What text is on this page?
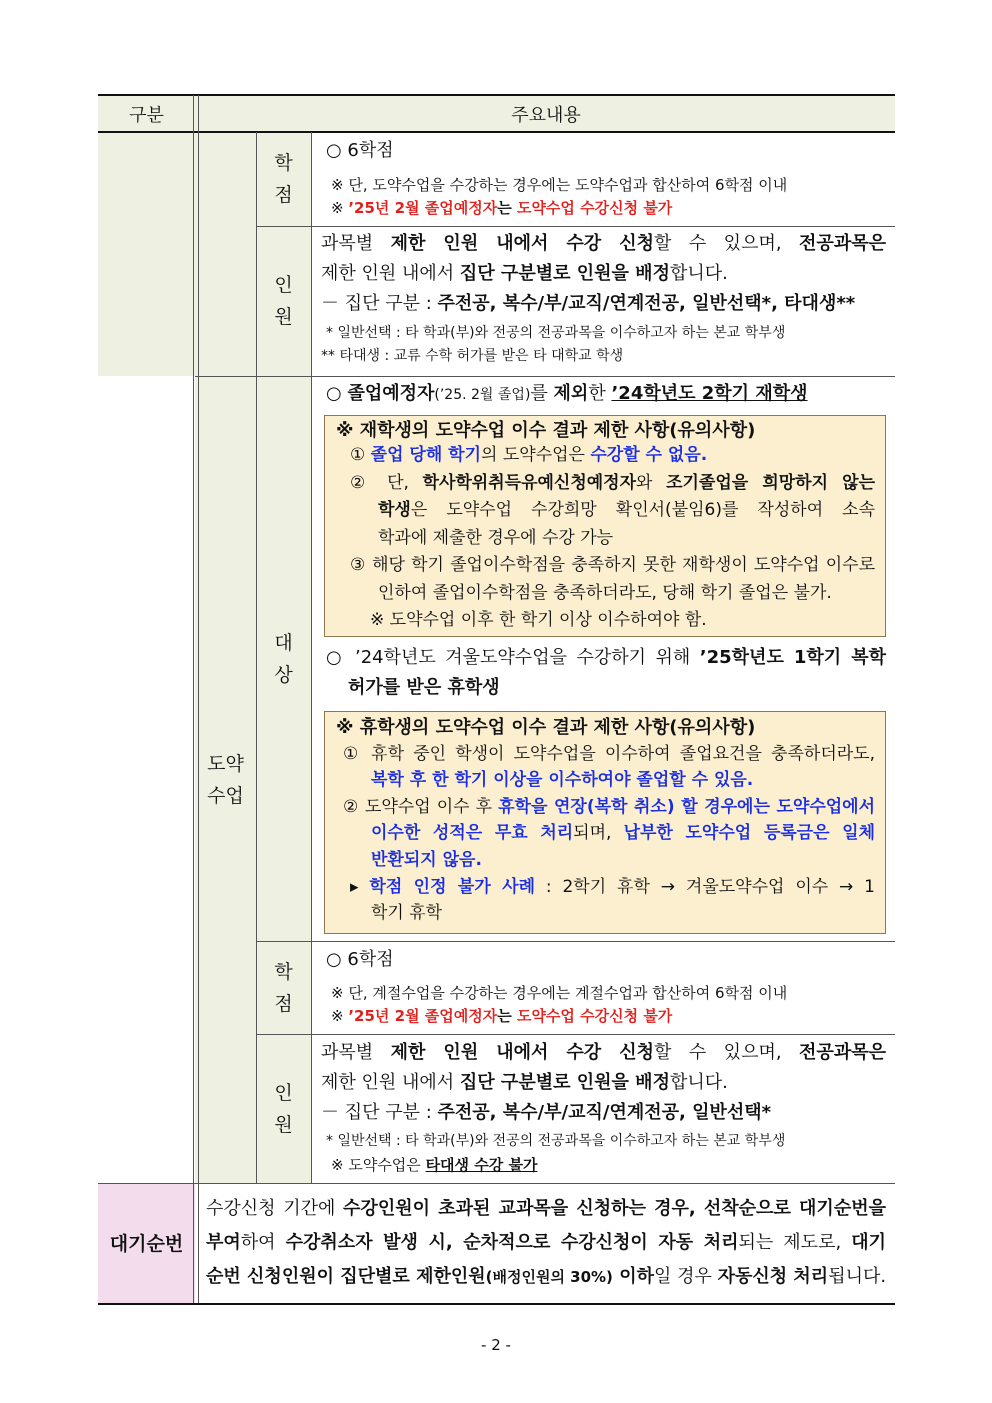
구분	주요내용
학
점
○ 6학점
※ 단, 도약수업을 수강하는 경우에는 도약수업과 합산하여 6학점 이내
※ ’25년 2월 졸업예정자는 도약수업 수강신청 불가
인
원
과목별 제한 인원 내에서 수강 신청할 수 있으며, 전공과목은
제한 인원 내에서 집단 구분별로 인원을 배정합니다.
－ 집단 구분 : 주전공, 복수/부/교직/연계전공, 일반선택*, 타대생**
* 일반선택 : 타 학과(부)와 전공의 전공과목을 이수하고자 하는 본교 학부생
** 타대생 : 교류 수학 허가를 받은 타 대학교 학생
도약
수업
대
상
○ 졸업예정자(’25. 2월 졸업)를 제외한 ’24학년도 2학기 재학생
※ 재학생의 도약수업 이수 결과 제한 사항(유의사항)
① 졸업 당해 학기의 도약수업은 수강할 수 없음.
② 단, 학사학위취득유예신청예정자와 조기졸업을 희망하지 않는
학생은 도약수업 수강희망 확인서(붙임6)를 작성하여 소속
학과에 제출한 경우에 수강 가능
③ 해당 학기 졸업이수학점을 충족하지 못한 재학생이 도약수업 이수로
인하여 졸업이수학점을 충족하더라도, 당해 학기 졸업은 불가.
※ 도약수업 이후 한 학기 이상 이수하여야 함.
○ ’24학년도 겨울도약수업을 수강하기 위해 ’25학년도 1학기 복학
허가를 받은 휴학생
※ 휴학생의 도약수업 이수 결과 제한 사항(유의사항)
① 휴학 중인 학생이 도약수업을 이수하여 졸업요건을 충족하더라도,
복학 후 한 학기 이상을 이수하여야 졸업할 수 있음.
② 도약수업 이수 후 휴학을 연장(복학 취소) 할 경우에는 도약수업에서
이수한 성적은 무효 처리되며, 납부한 도약수업 등록금은 일체
반환되지 않음.
▸ 학점 인정 불가 사례 : 2학기 휴학 → 겨울도약수업 이수 → 1
학기 휴학
학
점
○ 6학점
※ 단, 계절수업을 수강하는 경우에는 계절수업과 합산하여 6학점 이내
※ ’25년 2월 졸업예정자는 도약수업 수강신청 불가
인
원
과목별 제한 인원 내에서 수강 신청할 수 있으며, 전공과목은
제한 인원 내에서 집단 구분별로 인원을 배정합니다.
－ 집단 구분 : 주전공, 복수/부/교직/연계전공, 일반선택*
* 일반선택 : 타 학과(부)와 전공의 전공과목을 이수하고자 하는 본교 학부생
※ 도약수업은 타대생 수강 불가
대기순번
수강신청 기간에 수강인원이 초과된 교과목을 신청하는 경우, 선착순으로 대기순번을
부여하여 수강취소자 발생 시, 순차적으로 수강신청이 자동 처리되는 제도로, 대기
순번 신청인원이 집단별로 제한인원(배정인원의 30%) 이하일 경우 자동신청 처리됩니다.
- 2 -
